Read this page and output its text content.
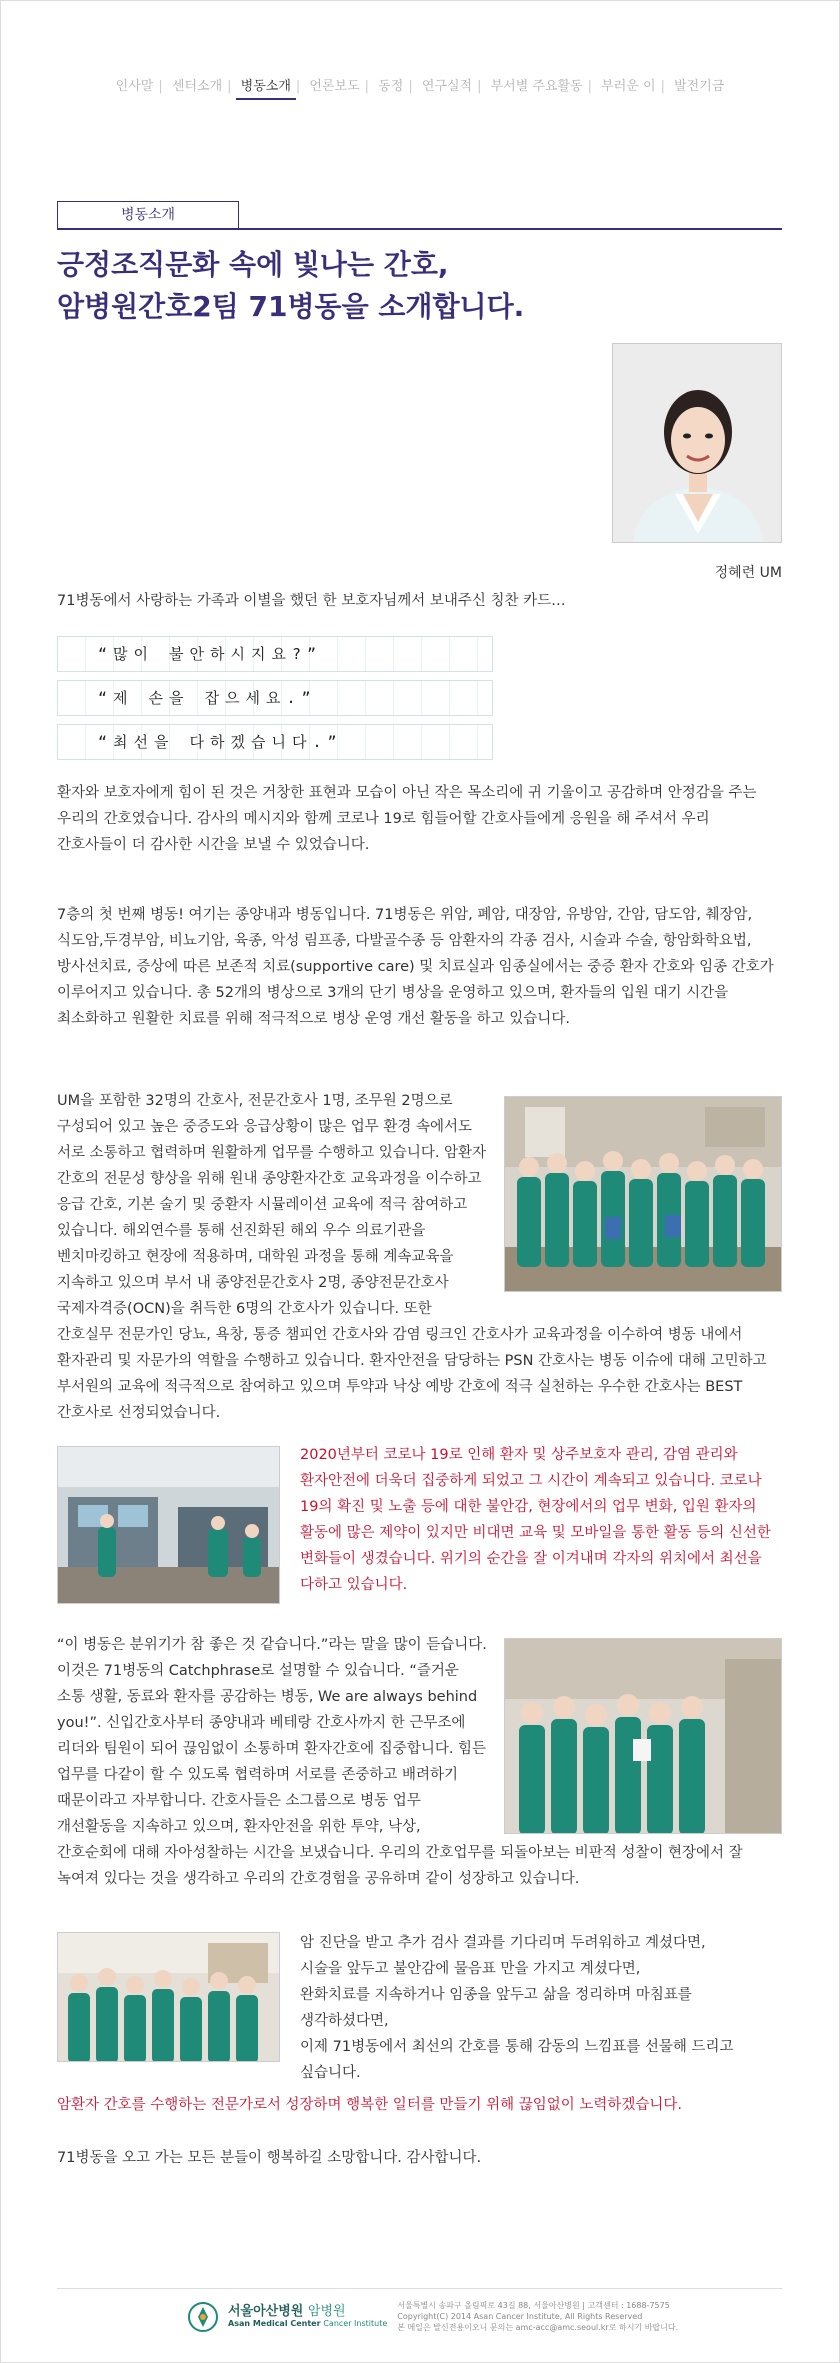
인사말 | 센터소개 | 병동소개 | 언론보도 | 동정 | 연구실적 | 부서별 주요활동 | 부러운 이 | 발전기금
병동소개
긍정조직문화 속에 빛나는 간호,
암병원간호2팀 71병동을 소개합니다.
정혜련 UM
71병동에서 사랑하는 가족과 이별을 했던 한 보호자님께서 보내주신 칭찬 카드…
“많이 불안하시지요?”
“제 손을 잡으세요.”
“최선을 다하겠습니다.”
환자와 보호자에게 힘이 된 것은 거창한 표현과 모습이 아닌 작은 목소리에 귀 기울이고 공감하며 안정감을 주는 우리의 간호였습니다. 감사의 메시지와 함께 코로나 19로 힘들어할 간호사들에게 응원을 해 주셔서 우리 간호사들이 더 감사한 시간을 보낼 수 있었습니다.
7층의 첫 번째 병동! 여기는 종양내과 병동입니다. 71병동은 위암, 폐암, 대장암, 유방암, 간암, 담도암, 췌장암, 식도암,두경부암, 비뇨기암, 육종, 악성 림프종, 다발골수종 등 암환자의 각종 검사, 시술과 수술, 항암화학요법, 방사선치료, 증상에 따른 보존적 치료(supportive care) 및 치료실과 임종실에서는 중증 환자 간호와 임종 간호가 이루어지고 있습니다. 총 52개의 병상으로 3개의 단기 병상을 운영하고 있으며, 환자들의 입원 대기 시간을 최소화하고 원활한 치료를 위해 적극적으로 병상 운영 개선 활동을 하고 있습니다.
UM을 포함한 32명의 간호사, 전문간호사 1명, 조무원 2명으로 구성되어 있고 높은 중증도와 응급상황이 많은 업무 환경 속에서도 서로 소통하고 협력하며 원활하게 업무를 수행하고 있습니다. 암환자 간호의 전문성 향상을 위해 원내 종양환자간호 교육과정을 이수하고 응급 간호, 기본 술기 및 중환자 시뮬레이션 교육에 적극 참여하고 있습니다. 해외연수를 통해 선진화된 해외 우수 의료기관을 벤치마킹하고 현장에 적용하며, 대학원 과정을 통해 계속교육을 지속하고 있으며 부서 내 종양전문간호사 2명, 종양전문간호사 국제자격증(OCN)을 취득한 6명의 간호사가 있습니다. 또한 간호실무 전문가인 당뇨, 욕창, 통증 챔피언 간호사와 감염 링크인 간호사가 교육과정을 이수하여 병동 내에서 환자관리 및 자문가의 역할을 수행하고 있습니다. 환자안전을 담당하는 PSN 간호사는 병동 이슈에 대해 고민하고 부서원의 교육에 적극적으로 참여하고 있으며 투약과 낙상 예방 간호에 적극 실천하는 우수한 간호사는 BEST 간호사로 선정되었습니다.
2020년부터 코로나 19로 인해 환자 및 상주보호자 관리, 감염 관리와 환자안전에 더욱더 집중하게 되었고 그 시간이 계속되고 있습니다. 코로나 19의 확진 및 노출 등에 대한 불안감, 현장에서의 업무 변화, 입원 환자의 활동에 많은 제약이 있지만 비대면 교육 및 모바일을 통한 활동 등의 신선한 변화들이 생겼습니다. 위기의 순간을 잘 이겨내며 각자의 위치에서 최선을 다하고 있습니다.
“이 병동은 분위기가 참 좋은 것 같습니다.”라는 말을 많이 듣습니다. 이것은 71병동의 Catchphrase로 설명할 수 있습니다. “즐거운 소통 생활, 동료와 환자를 공감하는 병동, We are always behind you!”. 신입간호사부터 종양내과 베테랑 간호사까지 한 근무조에 리더와 팀원이 되어 끊임없이 소통하며 환자간호에 집중합니다. 힘든 업무를 다같이 할 수 있도록 협력하며 서로를 존중하고 배려하기 때문이라고 자부합니다. 간호사들은 소그룹으로 병동 업무 개선활동을 지속하고 있으며, 환자안전을 위한 투약, 낙상, 간호순회에 대해 자아성찰하는 시간을 보냈습니다. 우리의 간호업무를 되돌아보는 비판적 성찰이 현장에서 잘 녹여져 있다는 것을 생각하고 우리의 간호경험을 공유하며 같이 성장하고 있습니다.
암 진단을 받고 추가 검사 결과를 기다리며 두려워하고 계셨다면,
시술을 앞두고 불안감에 물음표 만을 가지고 계셨다면,
완화치료를 지속하거나 임종을 앞두고 삶을 정리하며 마침표를 생각하셨다면,
이제 71병동에서 최선의 간호를 통해 감동의 느낌표를 선물해 드리고 싶습니다.
암환자 간호를 수행하는 전문가로서 성장하며 행복한 일터를 만들기 위해 끊임없이 노력하겠습니다.
71병동을 오고 가는 모든 분들이 행복하길 소망합니다. 감사합니다.
서울아산병원 암병원
Asan Medical Center Cancer Institute
서울특별시 송파구 올림픽로 43길 88, 서울아산병원 | 고객센터 : 1688-7575
Copyright(C) 2014 Asan Cancer Institute, All Rights Reserved
본 메일은 발신전용이오니 문의는 amc-acc@amc.seoul.kr로 하시기 바랍니다.
